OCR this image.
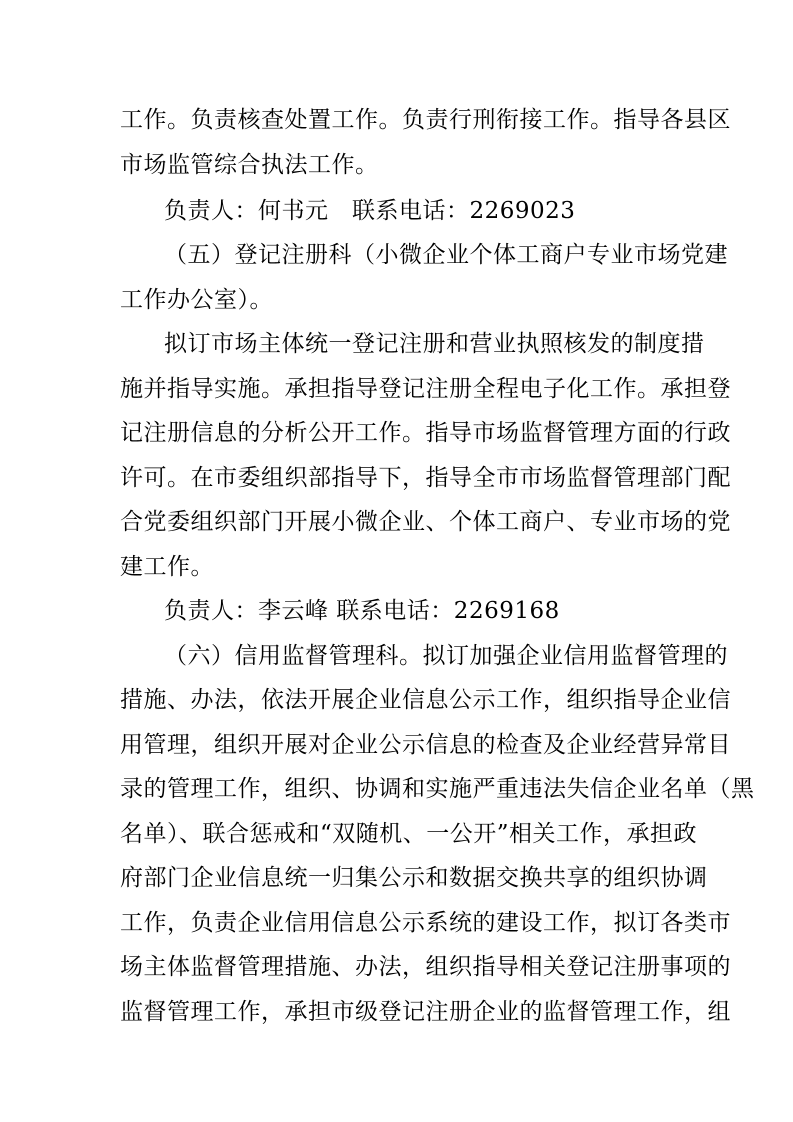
工作。负责核查处置工作。负责行刑衔接工作。指导各县区
市场监管综合执法工作。
负责人：何书元　联系电话：2269023
（五）登记注册科（小微企业个体工商户专业市场党建
工作办公室）。
拟订市场主体统一登记注册和营业执照核发的制度措
施并指导实施。承担指导登记注册全程电子化工作。承担登
记注册信息的分析公开工作。指导市场监督管理方面的行政
许可。在市委组织部指导下，指导全市市场监督管理部门配
合党委组织部门开展小微企业、个体工商户、专业市场的党
建工作。
负责人：李云峰 联系电话：2269168
（六）信用监督管理科。拟订加强企业信用监督管理的
措施、办法，依法开展企业信息公示工作，组织指导企业信
用管理，组织开展对企业公示信息的检查及企业经营异常目
录的管理工作，组织、协调和实施严重违法失信企业名单（黑
名单）、联合惩戒和“双随机、一公开”相关工作，承担政
府部门企业信息统一归集公示和数据交换共享的组织协调
工作，负责企业信用信息公示系统的建设工作，拟订各类市
场主体监督管理措施、办法，组织指导相关登记注册事项的
监督管理工作，承担市级登记注册企业的监督管理工作，组
